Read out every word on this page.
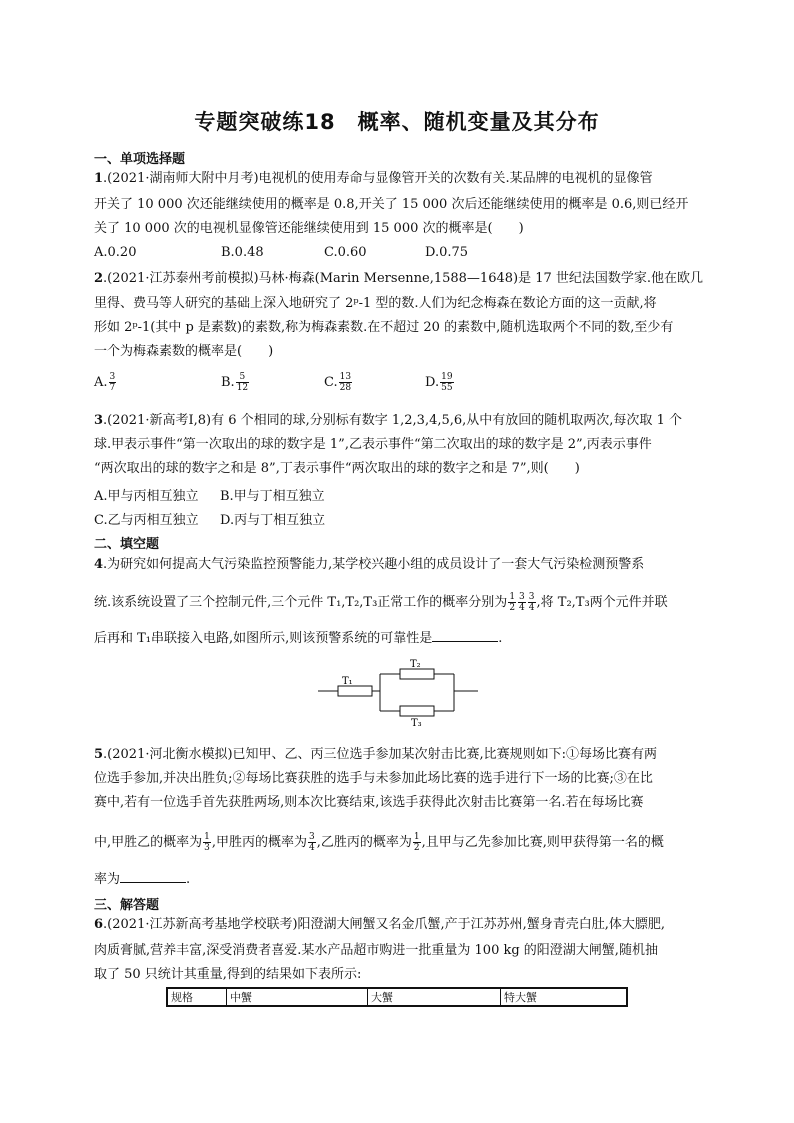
专题突破练18　概率、随机变量及其分布
一、单项选择题
1.(2021·湖南师大附中月考)电视机的使用寿命与显像管开关的次数有关.某品牌的电视机的显像管
开关了 10 000 次还能继续使用的概率是 0.8,开关了 15 000 次后还能继续使用的概率是 0.6,则已经开
关了 10 000 次的电视机显像管还能继续使用到 15 000 次的概率是(　　)
A.0.20	B.0.48	C.0.60	D.0.75
2.(2021·江苏泰州考前模拟)马林·梅森(Marin Mersenne,1588—1648)是 17 世纪法国数学家.他在欧几
里得、费马等人研究的基础上深入地研究了 2ᵖ-1 型的数.人们为纪念梅森在数论方面的这一贡献,将
形如 2ᵖ-1(其中 p 是素数)的素数,称为梅森素数.在不超过 20 的素数中,随机选取两个不同的数,至少有
一个为梅森素数的概率是(　　)
A. $\frac{3}{7}$	B. $\frac{5}{12}$	C. $\frac{13}{28}$	D. $\frac{19}{55}$
3.(2021·新高考Ⅰ,8)有 6 个相同的球,分别标有数字 1,2,3,4,5,6,从中有放回的随机取两次,每次取 1 个
球.甲表示事件“第一次取出的球的数字是 1”,乙表示事件“第二次取出的球的数字是 2”,丙表示事件
“两次取出的球的数字之和是 8”,丁表示事件“两次取出的球的数字之和是 7”,则(　　)
A.甲与丙相互独立 B.甲与丁相互独立
C.乙与丙相互独立 D.丙与丁相互独立
二、填空题
4.为研究如何提高大气污染监控预警能力,某学校兴趣小组的成员设计了一套大气污染检测预警系
统.该系统设置了三个控制元件,三个元件 T₁,T₂,T₃正常工作的概率分别为 $\frac{1}{2} \frac{3}{4} \frac{3}{4}$ ,将 T₂,T₃两个元件并联
后再和 T₁串联接入电路,如图所示,则该预警系统的可靠性是	.
T₁
T₂
T₃
5.(2021·河北衡水模拟)已知甲、乙、丙三位选手参加某次射击比赛,比赛规则如下:①每场比赛有两
位选手参加,并决出胜负;②每场比赛获胜的选手与未参加此场比赛的选手进行下一场的比赛;③在比
赛中,若有一位选手首先获胜两场,则本次比赛结束,该选手获得此次射击比赛第一名.若在每场比赛
中,甲胜乙的概率为 $\frac{1}{3}$ ,甲胜丙的概率为 $\frac{3}{4}$ ,乙胜丙的概率为 $\frac{1}{2}$ ,且甲与乙先参加比赛,则甲获得第一名的概
率为	.
三、解答题
6.(2021·江苏新高考基地学校联考)阳澄湖大闸蟹又名金爪蟹,产于江苏苏州,蟹身青壳白肚,体大膘肥,
肉质膏腻,营养丰富,深受消费者喜爱.某水产品超市购进一批重量为 100 kg 的阳澄湖大闸蟹,随机抽
取了 50 只统计其重量,得到的结果如下表所示:
规格	中蟹	大蟹	特大蟹
